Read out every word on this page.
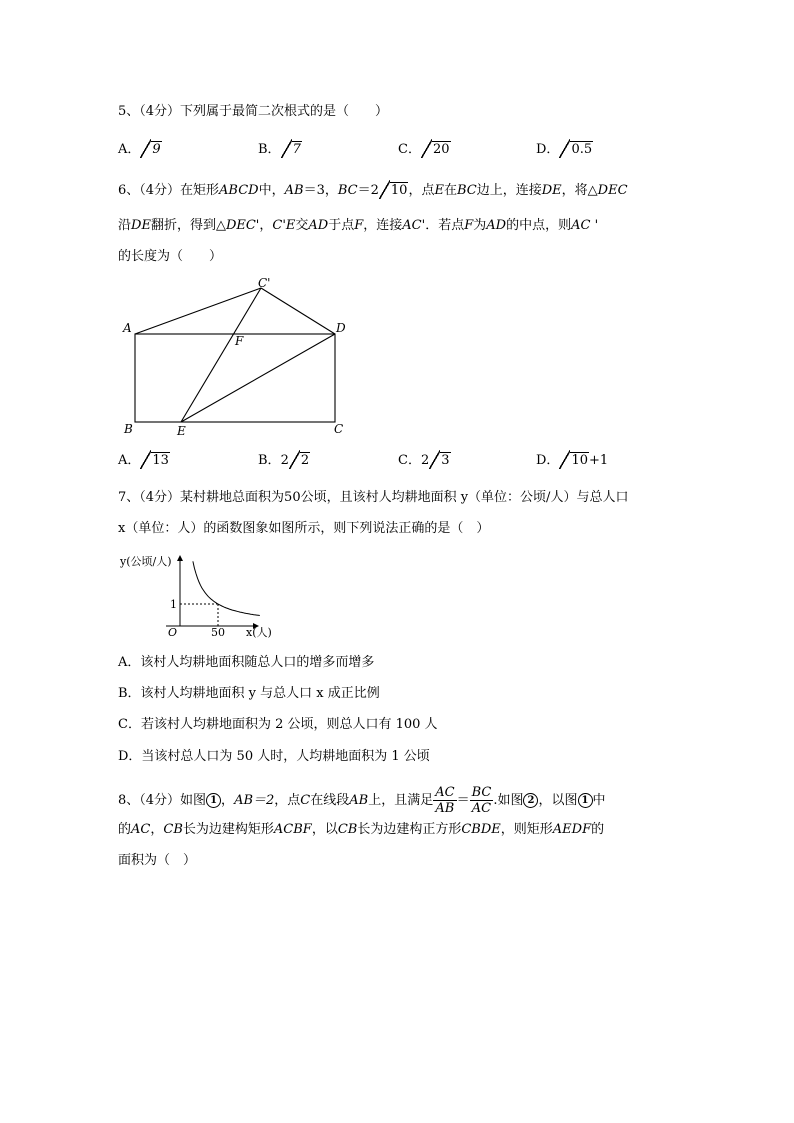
5、（4分）下列属于最简二次根式的是（　　）
A． 9	B． 7	C． 20	D． 0.5
6、（4分）在矩形ABCD中，AB＝3，BC＝2 10，点E在BC边上，连接DE，将△DEC
沿DE翻折，得到△DEC'，C'E交AD于点F，连接AC'．若点F为AD的中点，则AC '
的长度为（　　）
C'
A	D
F
B	E	C
A． 13	B．2 2	C．2 3	D． 10+1
7、（4分）某村耕地总面积为50公顷，且该村人均耕地面积 y（单位：公顷/人）与总人口
x（单位：人）的函数图象如图所示，则下列说法正确的是（　）
y(公顷/人)
x(人)
O
1
50
A．该村人均耕地面积随总人口的增多而增多
B．该村人均耕地面积 y 与总人口 x 成正比例
C．若该村人均耕地面积为 2 公顷，则总人口有 100 人
D．当该村总人口为 50 人时，人均耕地面积为 1 公顷
8、（4分）如图 1 ，AB＝2，点C在线段AB上，且满足 $\frac{AC}{AB} = \frac{BC}{AC}$ .如图 2 ，以图 1 中
的AC，CB长为边建构矩形ACBF，以CB长为边建构正方形CBDE，则矩形AEDF的
面积为（　）
